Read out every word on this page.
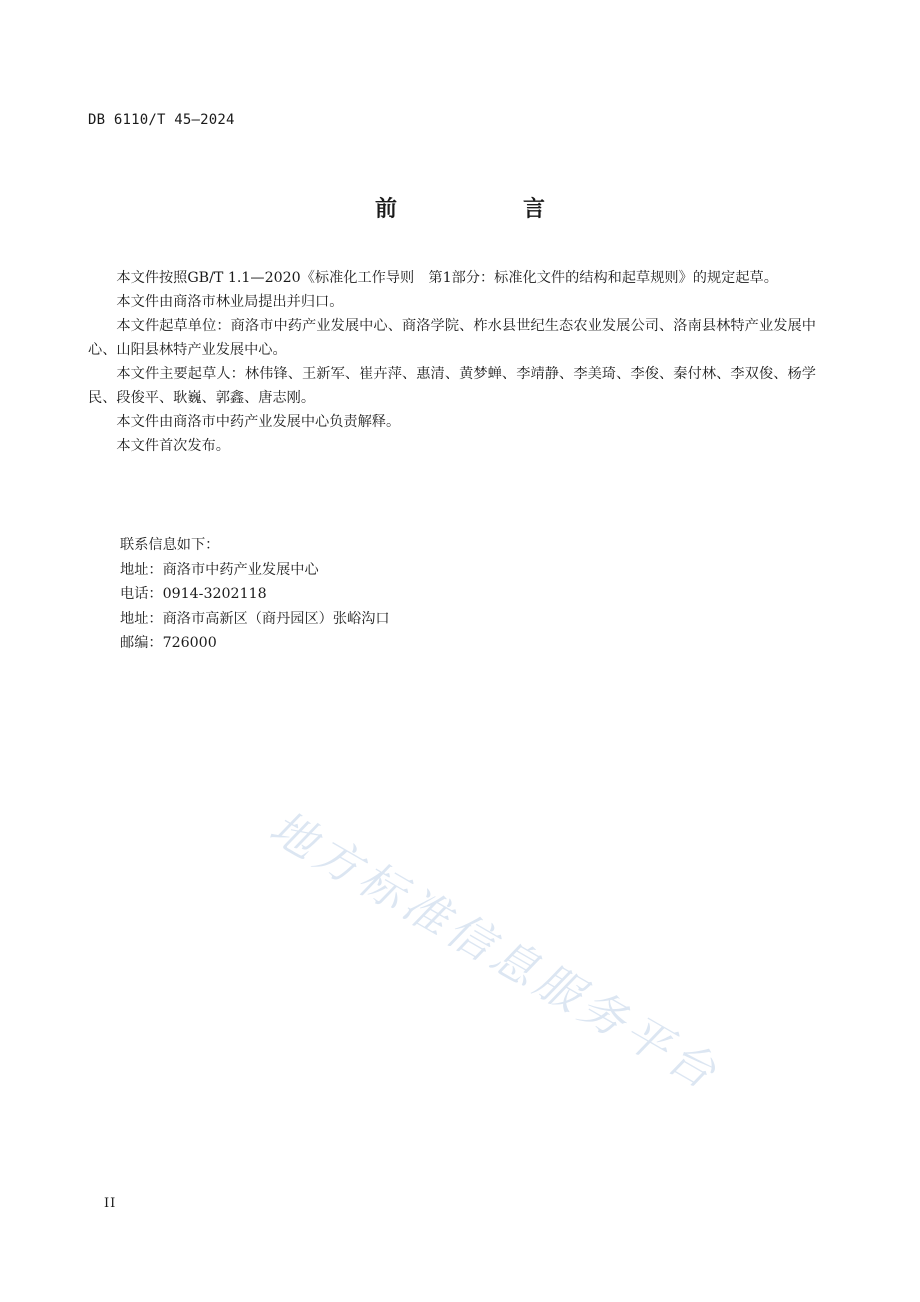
DB 6110/T 45—2024
前　言

本文件按照GB/T 1.1—2020《标准化工作导则　第1部分：标准化文件的结构和起草规则》的规定起草。

本文件由商洛市林业局提出并归口。

本文件起草单位：商洛市中药产业发展中心、商洛学院、柞水县世纪生态农业发展公司、洛南县林特产业发展中心、山阳县林特产业发展中心。

本文件主要起草人：林伟锋、王新军、崔卉萍、惠清、黄梦蝉、李靖静、李美琦、李俊、秦付林、李双俊、杨学民、段俊平、耿巍、郭鑫、唐志刚。

本文件由商洛市中药产业发展中心负责解释。

本文件首次发布。

联系信息如下：

地址：商洛市中药产业发展中心

电话：0914-3202118

地址：商洛市高新区（商丹园区）张峪沟口

邮编：726000

地方标准信息服务平台
II
